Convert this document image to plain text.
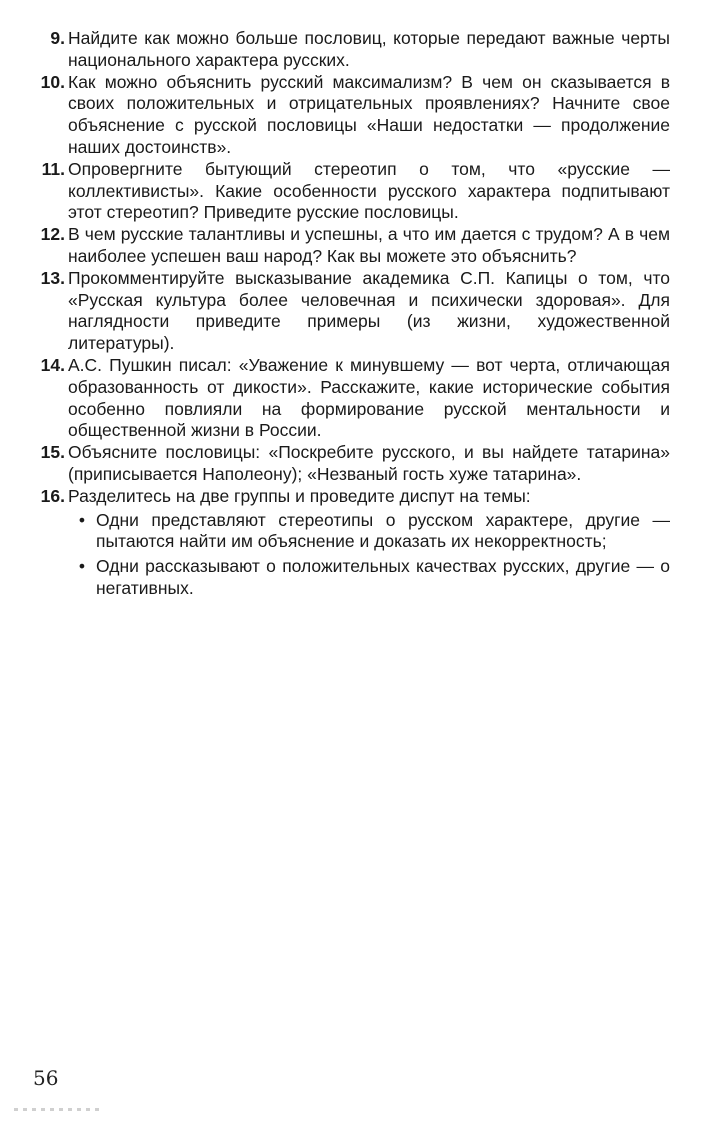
9. Найдите как можно больше пословиц, которые передают важные черты национального характера русских.
10. Как можно объяснить русский максимализм? В чем он сказывается в своих положительных и отрицательных проявлениях? Начните свое объяснение с русской пословицы «Наши недостатки — продолжение наших достоинств».
11. Опровергните бытующий стереотип о том, что «русские — коллективисты». Какие особенности русского характера подпитывают этот стереотип? Приведите русские пословицы.
12. В чем русские талантливы и успешны, а что им дается с трудом? А в чем наиболее успешен ваш народ? Как вы можете это объяснить?
13. Прокомментируйте высказывание академика С.П. Капицы о том, что «Русская культура более человечная и психически здоровая». Для наглядности приведите примеры (из жизни, художественной литературы).
14. А.С. Пушкин писал: «Уважение к минувшему — вот черта, отличающая образованность от дикости». Расскажите, какие исторические события особенно повлияли на формирование русской ментальности и общественной жизни в России.
15. Объясните пословицы: «Поскребите русского, и вы найдете татарина» (приписывается Наполеону); «Незваный гость хуже татарина».
16. Разделитесь на две группы и проведите диспут на темы:
• Одни представляют стереотипы о русском характере, другие — пытаются найти им объяснение и доказать их некорректность;
• Одни рассказывают о положительных качествах русских, другие — о негативных.
56
